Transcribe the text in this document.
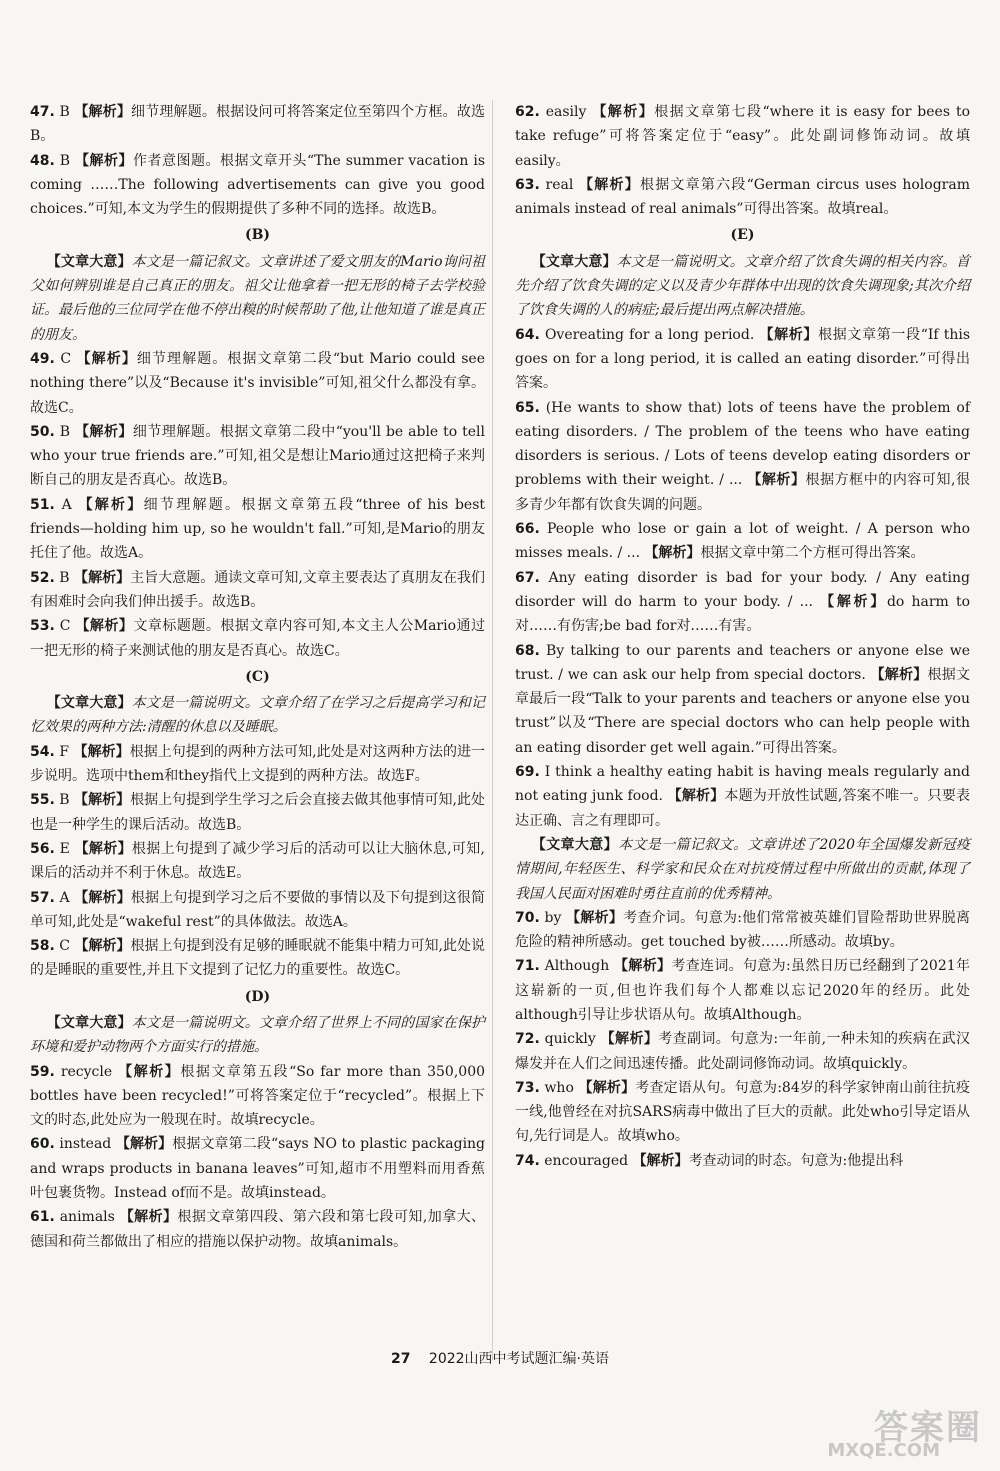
47. B 【解析】细节理解题。根据设问可将答案定位至第四个方框。故选B。

48. B 【解析】作者意图题。根据文章开头“The summer vacation is coming ……The following advertisements can give you good choices.”可知,本文为学生的假期提供了多种不同的选择。故选B。

(B)

【文章大意】本文是一篇记叙文。文章讲述了爱文朋友的Mario询问祖父如何辨别谁是自己真正的朋友。祖父让他拿着一把无形的椅子去学校验证。最后他的三位同学在他不停出糗的时候帮助了他,让他知道了谁是真正的朋友。

49. C 【解析】细节理解题。根据文章第二段“but Mario could see nothing there”以及“Because it's invisible”可知,祖父什么都没有拿。故选C。

50. B 【解析】细节理解题。根据文章第二段中“you'll be able to tell who your true friends are.”可知,祖父是想让Mario通过这把椅子来判断自己的朋友是否真心。故选B。

51. A 【解析】细节理解题。根据文章第五段“three of his best friends—holding him up, so he wouldn't fall.”可知,是Mario的朋友托住了他。故选A。

52. B 【解析】主旨大意题。通读文章可知,文章主要表达了真朋友在我们有困难时会向我们伸出援手。故选B。

53. C 【解析】文章标题题。根据文章内容可知,本文主人公Mario通过一把无形的椅子来测试他的朋友是否真心。故选C。

(C)

【文章大意】本文是一篇说明文。文章介绍了在学习之后提高学习和记忆效果的两种方法:清醒的休息以及睡眠。

54. F 【解析】根据上句提到的两种方法可知,此处是对这两种方法的进一步说明。选项中them和they指代上文提到的两种方法。故选F。

55. B 【解析】根据上句提到学生学习之后会直接去做其他事情可知,此处也是一种学生的课后活动。故选B。

56. E 【解析】根据上句提到了减少学习后的活动可以让大脑休息,可知,课后的活动并不利于休息。故选E。

57. A 【解析】根据上句提到学习之后不要做的事情以及下句提到这很简单可知,此处是“wakeful rest”的具体做法。故选A。

58. C 【解析】根据上句提到没有足够的睡眠就不能集中精力可知,此处说的是睡眠的重要性,并且下文提到了记忆力的重要性。故选C。

(D)

【文章大意】本文是一篇说明文。文章介绍了世界上不同的国家在保护环境和爱护动物两个方面实行的措施。

59. recycle 【解析】根据文章第五段“So far more than 350,000 bottles have been recycled!”可将答案定位于“recycled”。根据上下文的时态,此处应为一般现在时。故填recycle。

60. instead 【解析】根据文章第二段“says NO to plastic packaging and wraps products in banana leaves”可知,超市不用塑料而用香蕉叶包裹货物。Instead of而不是。故填instead。

61. animals 【解析】根据文章第四段、第六段和第七段可知,加拿大、德国和荷兰都做出了相应的措施以保护动物。故填animals。

62. easily 【解析】根据文章第七段“where it is easy for bees to take refuge”可将答案定位于“easy”。此处副词修饰动词。故填easily。

63. real 【解析】根据文章第六段“German circus uses hologram animals instead of real animals”可得出答案。故填real。

(E)

【文章大意】本文是一篇说明文。文章介绍了饮食失调的相关内容。首先介绍了饮食失调的定义以及青少年群体中出现的饮食失调现象;其次介绍了饮食失调的人的病症;最后提出两点解决措施。

64. Overeating for a long period. 【解析】根据文章第一段“If this goes on for a long period, it is called an eating disorder.”可得出答案。

65. (He wants to show that) lots of teens have the problem of eating disorders. / The problem of the teens who have eating disorders is serious. / Lots of teens develop eating disorders or problems with their weight. / ... 【解析】根据方框中的内容可知,很多青少年都有饮食失调的问题。

66. People who lose or gain a lot of weight. / A person who misses meals. / ... 【解析】根据文章中第二个方框可得出答案。

67. Any eating disorder is bad for your body. / Any eating disorder will do harm to your body. / ... 【解析】do harm to对……有伤害;be bad for对……有害。

68. By talking to our parents and teachers or anyone else we trust. / we can ask our help from special doctors. 【解析】根据文章最后一段“Talk to your parents and teachers or anyone else you trust”以及“There are special doctors who can help people with an eating disorder get well again.”可得出答案。

69. I think a healthy eating habit is having meals regularly and not eating junk food. 【解析】本题为开放性试题,答案不唯一。只要表达正确、言之有理即可。

【文章大意】本文是一篇记叙文。文章讲述了2020年全国爆发新冠疫情期间,年轻医生、科学家和民众在对抗疫情过程中所做出的贡献,体现了我国人民面对困难时勇往直前的优秀精神。

70. by 【解析】考查介词。句意为:他们常常被英雄们冒险帮助世界脱离危险的精神所感动。get touched by被……所感动。故填by。

71. Although 【解析】考查连词。句意为:虽然日历已经翻到了2021年这崭新的一页,但也许我们每个人都难以忘记2020年的经历。此处although引导让步状语从句。故填Although。

72. quickly 【解析】考查副词。句意为:一年前,一种未知的疾病在武汉爆发并在人们之间迅速传播。此处副词修饰动词。故填quickly。

73. who 【解析】考查定语从句。句意为:84岁的科学家钟南山前往抗疫一线,他曾经在对抗SARS病毒中做出了巨大的贡献。此处who引导定语从句,先行词是人。故填who。

74. encouraged 【解析】考查动词的时态。句意为:他提出科

27 2022山西中考试题汇编·英语
答案圈
MXQE.COM
